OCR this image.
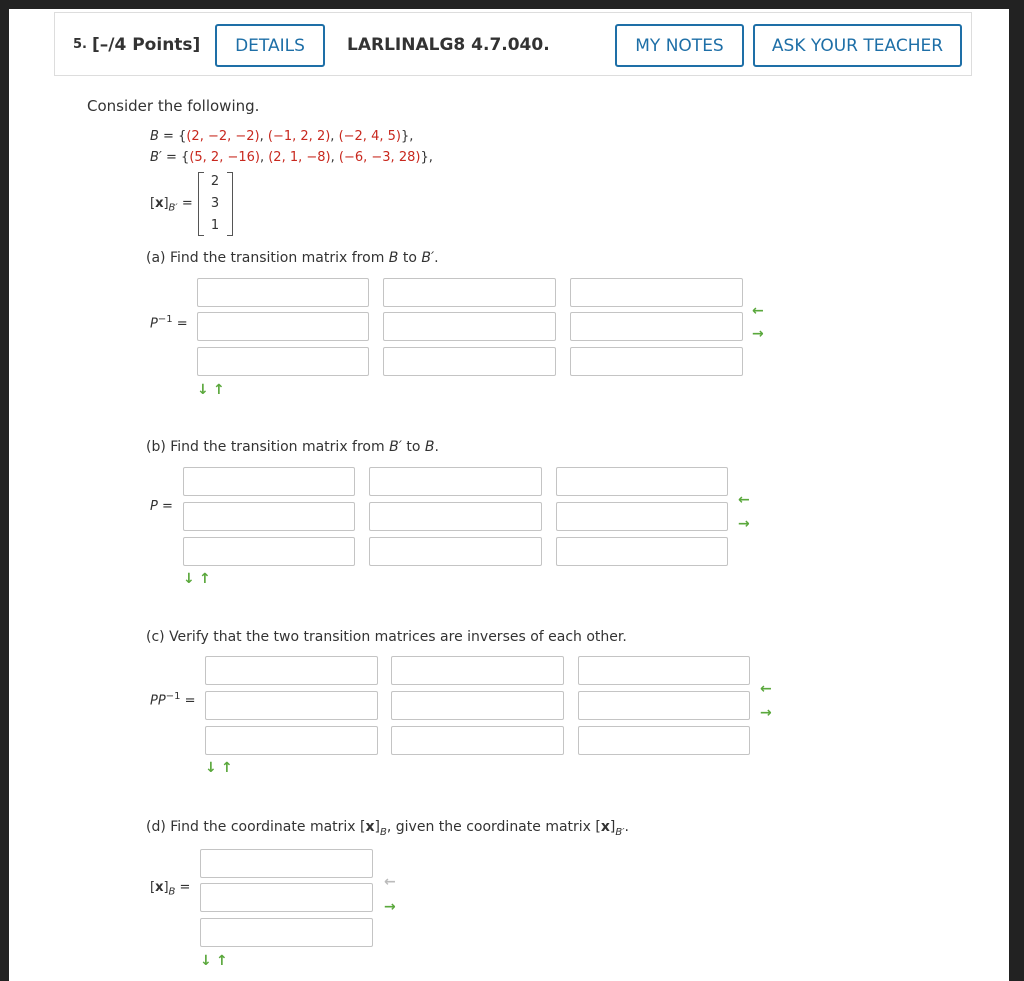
5. [–/4 Points]	DETAILS	LARLINALG8 4.7.040.	MY NOTES	ASK YOUR TEACHER
Consider the following.
B = {(2, −2, −2), (−1, 2, 2), (−2, 4, 5)},
B′ = {(5, 2, −16), (2, 1, −8), (−6, −3, 28)},
$[x]_{B'}$ =
2
3
1
(a) Find the transition matrix from B to B′.
$P^{-1}$ =
←
→
↓ ↑
(b) Find the transition matrix from B′ to B.
P =	←
→
↓ ↑
(c) Verify that the two transition matrices are inverses of each other.
$PP^{-1}$ =
←
→
↓ ↑
(d) Find the coordinate matrix $[x]_B$, given the coordinate matrix $[x]_{B'}$.
$[x]_B$ =	←
→
↓ ↑
